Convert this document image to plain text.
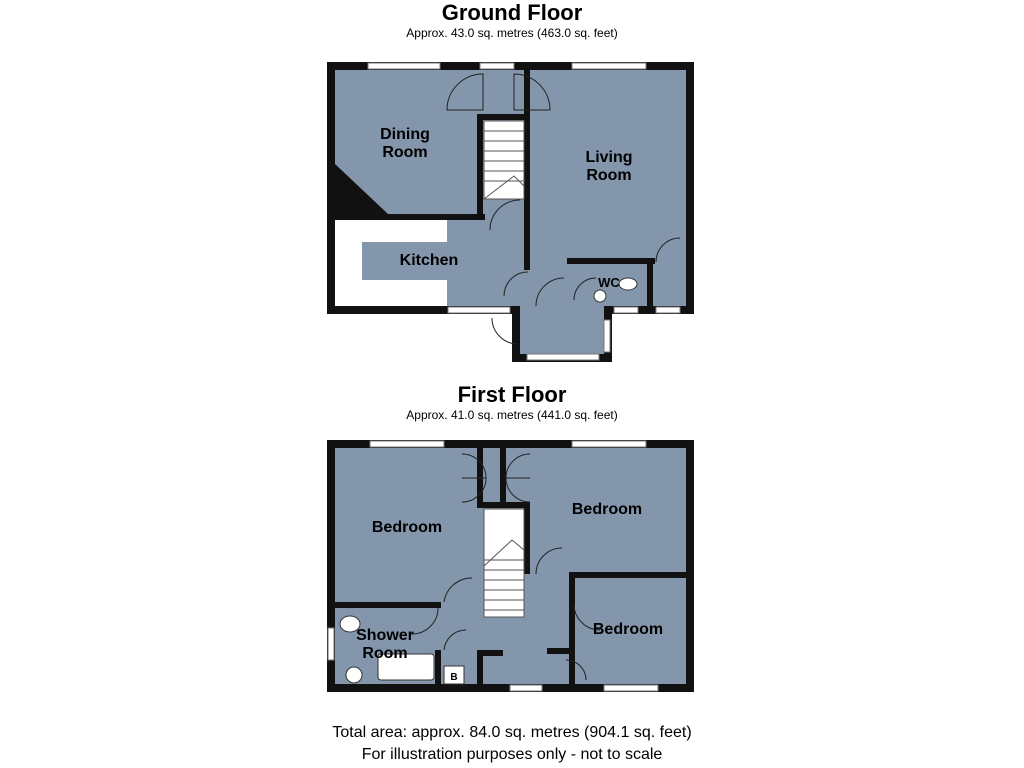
Ground Floor
Approx. 43.0 sq. metres (463.0 sq. feet)
First Floor
Approx. 41.0 sq. metres (441.0 sq. feet)
Dining
Room	Living
Room
Kitchen
WC
Bedroom
Bedroom
Bedroom
Shower
Room
B
Total area: approx. 84.0 sq. metres (904.1 sq. feet)
For illustration purposes only - not to scale
